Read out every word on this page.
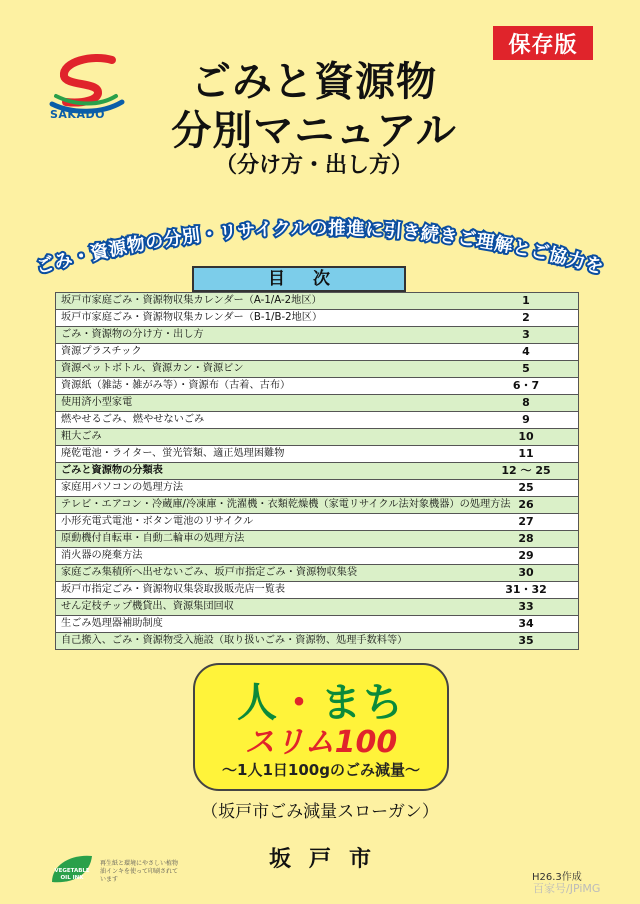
SAKADO
保存版
ごみと資源物
分別マニュアル
（分け方・出し方）
ごみ・資源物の分別・リサイクルの推進に引き続きご理解とご協力を
目次
坂戸市家庭ごみ・資源物収集カレンダー（A-1/A-2地区）	1
坂戸市家庭ごみ・資源物収集カレンダー（B-1/B-2地区）	2
ごみ・資源物の分け方・出し方	3
資源プラスチック	4
資源ペットボトル、資源カン・資源ビン	5
資源紙（雑誌・雑がみ等）・資源布（古着、古布）	6・7
使用済小型家電	8
燃やせるごみ、燃やせないごみ	9
粗大ごみ	10
廃乾電池・ライター、蛍光管類、適正処理困難物	11
ごみと資源物の分類表	12 ～ 25
家庭用パソコンの処理方法	25
テレビ・エアコン・冷蔵庫/冷凍庫・洗濯機・衣類乾燥機（家電リサイクル法対象機器）の処理方法 26
小形充電式電池・ボタン電池のリサイクル	27
原動機付自転車・自動二輪車の処理方法	28
消火器の廃棄方法	29
家庭ごみ集積所へ出せないごみ、坂戸市指定ごみ・資源物収集袋	30
坂戸市指定ごみ・資源物収集袋取扱販売店一覧表	31・32
せん定枝チップ機貸出、資源集団回収	33
生ごみ処理器補助制度	34
自己搬入、ごみ・資源物受入施設（取り扱いごみ・資源物、処理手数料等）	35
人・まち
スリム100
～1人1日100gのごみ減量～
（坂戸市ごみ減量スローガン）
坂戸市
VEGETABLE
OIL INK
再生紙と環境にやさしい植物油インキを使って印刷されています	H26.3作成
百家号/JPiMG
